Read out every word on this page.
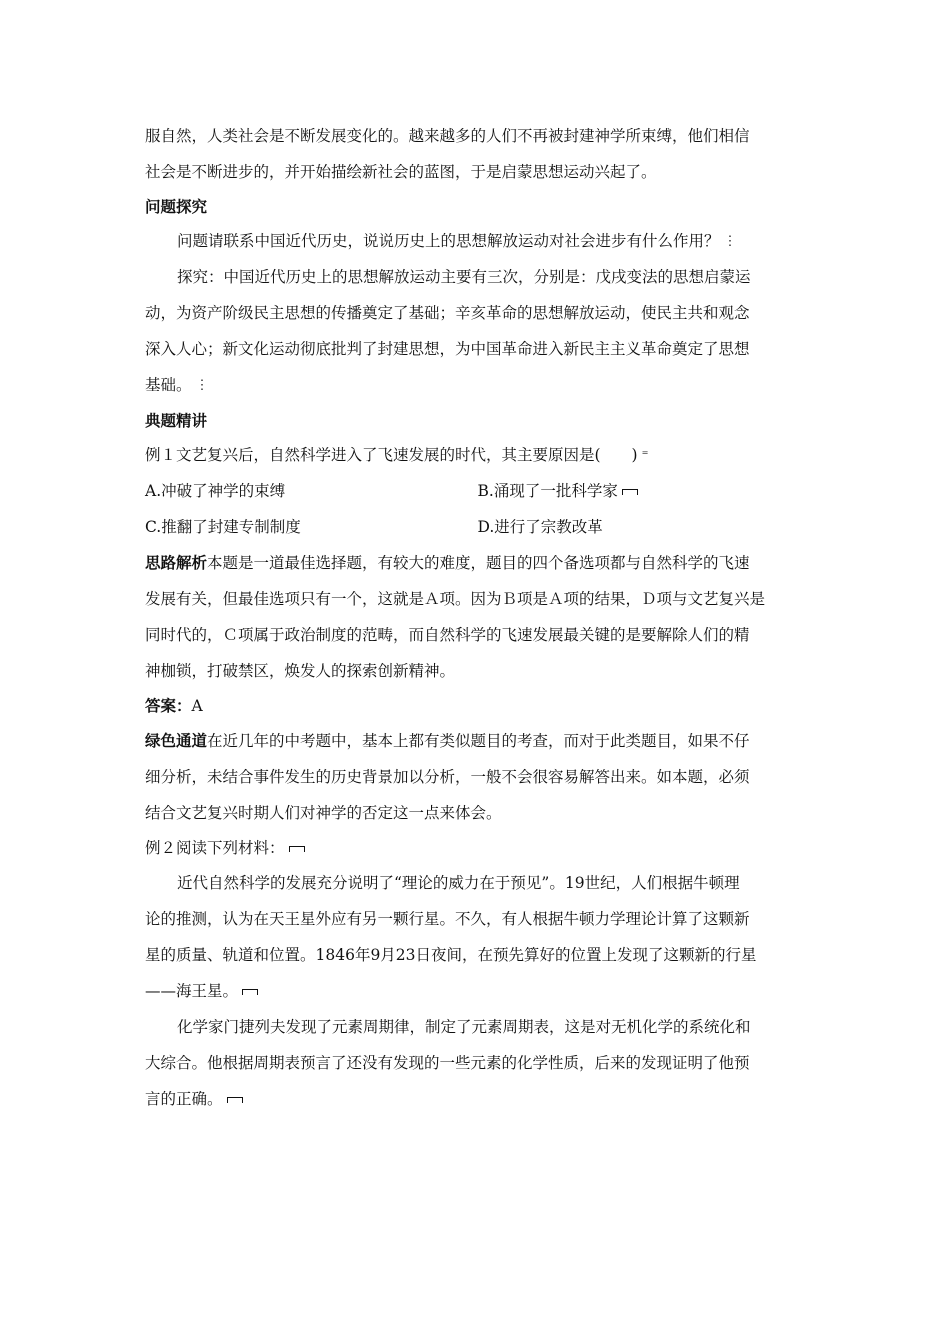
服自然，人类社会是不断发展变化的。越来越多的人们不再被封建神学所束缚，他们相信

社会是不断进步的，并开始描绘新社会的蓝图，于是启蒙思想运动兴起了。

问题探究

问题请联系中国近代历史，说说历史上的思想解放运动对社会进步有什么作用？ ⋮

探究：中国近代历史上的思想解放运动主要有三次，分别是：戊戌变法的思想启蒙运

动，为资产阶级民主思想的传播奠定了基础；辛亥革命的思想解放运动，使民主共和观念

深入人心；新文化运动彻底批判了封建思想，为中国革命进入新民主主义革命奠定了思想

基础。 ⋮

典题精讲

例１文艺复兴后，自然科学进入了飞速发展的时代，其主要原因是(　　) ⁼

A.冲破了神学的束缚	B.涌现了一批科学家

C.推翻了封建专制制度	D.进行了宗教改革

思路解析本题是一道最佳选择题，有较大的难度，题目的四个备选项都与自然科学的飞速

发展有关，但最佳选项只有一个，这就是Ａ项。因为Ｂ项是Ａ项的结果，Ｄ项与文艺复兴是

同时代的，Ｃ项属于政治制度的范畴，而自然科学的飞速发展最关键的是要解除人们的精

神枷锁，打破禁区，焕发人的探索创新精神。

答案：A

绿色通道在近几年的中考题中，基本上都有类似题目的考查，而对于此类题目，如果不仔

细分析，未结合事件发生的历史背景加以分析，一般不会很容易解答出来。如本题，必须

结合文艺复兴时期人们对神学的否定这一点来体会。

例２阅读下列材料：

近代自然科学的发展充分说明了“理论的威力在于预见”。19世纪，人们根据牛顿理

论的推测，认为在天王星外应有另一颗行星。不久，有人根据牛顿力学理论计算了这颗新

星的质量、轨道和位置。1846年9月23日夜间，在预先算好的位置上发现了这颗新的行星

——海王星。

化学家门捷列夫发现了元素周期律，制定了元素周期表，这是对无机化学的系统化和

大综合。他根据周期表预言了还没有发现的一些元素的化学性质，后来的发现证明了他预

言的正确。
